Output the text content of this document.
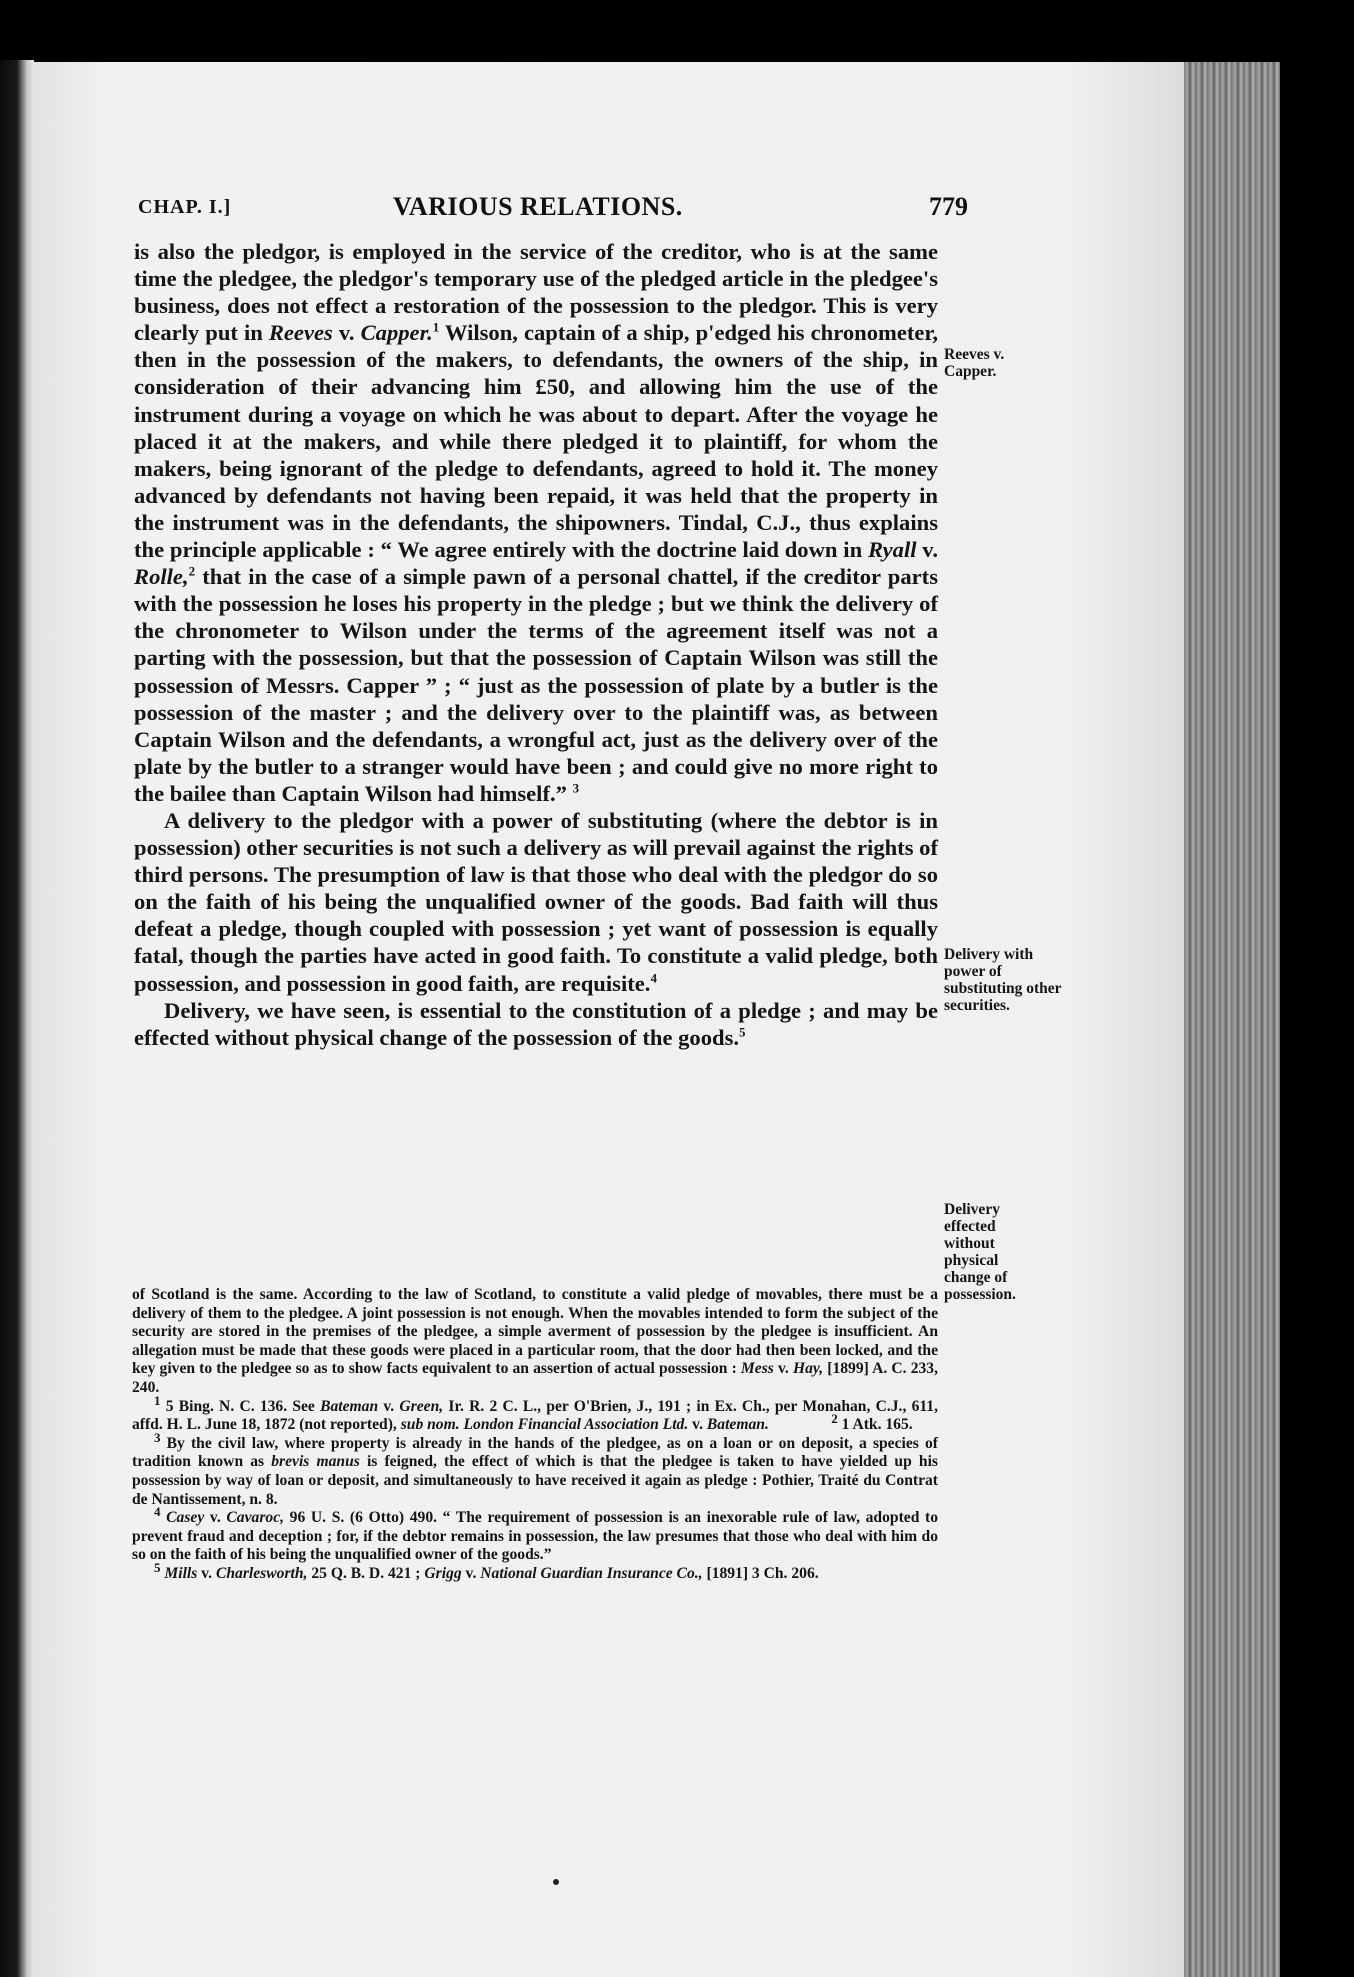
CHAP. I.]	VARIOUS RELATIONS.	779

is also the pledgor, is employed in the service of the creditor, who is at the same time the pledgee, the pledgor's temporary use of the pledged article in the pledgee's business, does not effect a restoration of the possession to the pledgor. This is very clearly put in Reeves v. Capper.$^1$ Wilson, captain of a ship, p'edged his chronometer, then in the possession of the makers, to defendants, the owners of the ship, in consideration of their advancing him £50, and allowing him the use of the instrument during a voyage on which he was about to depart. After the voyage he placed it at the makers, and while there pledged it to plaintiff, for whom the makers, being ignorant of the pledge to defendants, agreed to hold it. The money advanced by defendants not having been repaid, it was held that the property in the instrument was in the defendants, the shipowners. Tindal, C.J., thus explains the principle applicable : “ We agree entirely with the doctrine laid down in Ryall v. Rolle,$^2$ that in the case of a simple pawn of a personal chattel, if the creditor parts with the possession he loses his property in the pledge ; but we think the delivery of the chronometer to Wilson under the terms of the agreement itself was not a parting with the possession, but that the possession of Captain Wilson was still the possession of Messrs. Capper ” ; “ just as the possession of plate by a butler is the possession of the master ; and the delivery over to the plaintiff was, as between Captain Wilson and the defendants, a wrongful act, just as the delivery over of the plate by the butler to a stranger would have been ; and could give no more right to the bailee than Captain Wilson had himself.” $^3$

A delivery to the pledgor with a power of substituting (where the debtor is in possession) other securities is not such a delivery as will prevail against the rights of third persons. The presumption of law is that those who deal with the pledgor do so on the faith of his being the unqualified owner of the goods. Bad faith will thus defeat a pledge, though coupled with possession ; yet want of possession is equally fatal, though the parties have acted in good faith. To constitute a valid pledge, both possession, and possession in good faith, are requisite.$^4$

Delivery, we have seen, is essential to the constitution of a pledge ; and may be effected without physical change of the possession of the goods.$^5$

of Scotland is the same. According to the law of Scotland, to constitute a valid pledge of movables, there must be a delivery of them to the pledgee. A joint possession is not enough. When the movables intended to form the subject of the security are stored in the premises of the pledgee, a simple averment of possession by the pledgee is insufficient. An allegation must be made that these goods were placed in a particular room, that the door had then been locked, and the key given to the pledgee so as to show facts equivalent to an assertion of actual possession : Mess v. Hay, [1899] A. C. 233, 240.

$^1$ 5 Bing. N. C. 136. See Bateman v. Green, Ir. R. 2 C. L., per O'Brien, J., 191 ; in Ex. Ch., per Monahan, C.J., 611, affd. H. L. June 18, 1872 (not reported), sub nom. London Financial Association Ltd. v. Bateman.	$^2$ 1 Atk. 165.

$^3$ By the civil law, where property is already in the hands of the pledgee, as on a loan or on deposit, a species of tradition known as brevis manus is feigned, the effect of which is that the pledgee is taken to have yielded up his possession by way of loan or deposit, and simultaneously to have received it again as pledge : Pothier, Traité du Contrat de Nantissement, n. 8.

$^4$ Casey v. Cavaroc, 96 U. S. (6 Otto) 490. “ The requirement of possession is an inexorable rule of law, adopted to prevent fraud and deception ; for, if the debtor remains in possession, the law presumes that those who deal with him do so on the faith of his being the unqualified owner of the goods.”

$^5$ Mills v. Charlesworth, 25 Q. B. D. 421 ; Grigg v. National Guardian Insurance Co., [1891] 3 Ch. 206.

Reeves v. Capper.
Delivery with power of substituting other securities.
Delivery effected without physical change of possession.
